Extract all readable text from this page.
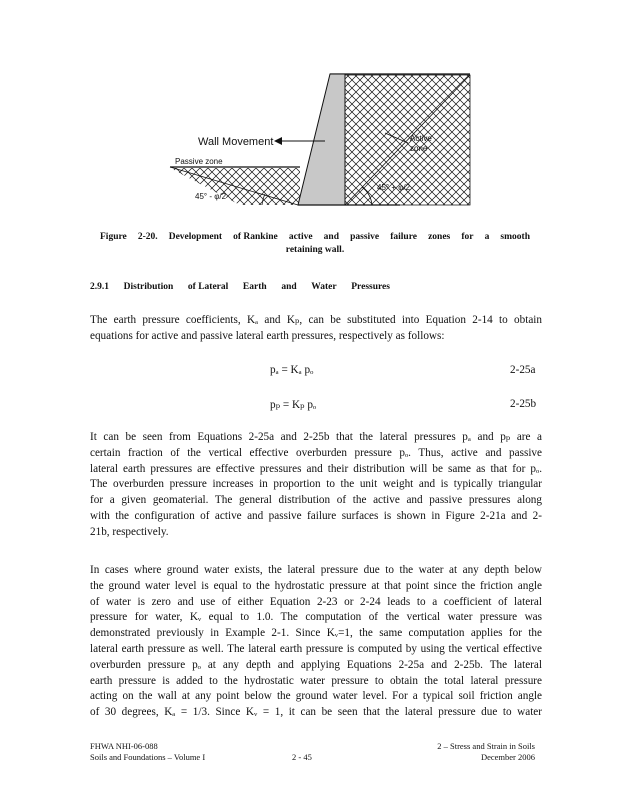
Wall Movement
Passive zone
Active
zone
45° - φ/2
45° + φ/2
Figure 2-20. Development of Rankine active and passive failure zones for a smooth
retaining wall.
2.9.1 Distribution of Lateral Earth and Water Pressures
The earth pressure coefficients, Kₐ and Kₚ, can be substituted into Equation 2-14 to obtain
equations for active and passive lateral earth pressures, respectively as follows:
pₐ = Kₐ pₒ	2-25a
pₚ = Kₚ pₒ	2-25b
It can be seen from Equations 2-25a and 2-25b that the lateral pressures pₐ and pₚ are a
certain fraction of the vertical effective overburden pressure pₒ. Thus, active and passive
lateral earth pressures are effective pressures and their distribution will be same as that for pₒ.
The overburden pressure increases in proportion to the unit weight and is typically triangular
for a given geomaterial. The general distribution of the active and passive pressures along
with the configuration of active and passive failure surfaces is shown in Figure 2-21a and 2-
21b, respectively.
In cases where ground water exists, the lateral pressure due to the water at any depth below
the ground water level is equal to the hydrostatic pressure at that point since the friction angle
of water is zero and use of either Equation 2-23 or 2-24 leads to a coefficient of lateral
pressure for water, Kᵥ equal to 1.0. The computation of the vertical water pressure was
demonstrated previously in Example 2-1. Since Kᵥ=1, the same computation applies for the
lateral earth pressure as well. The lateral earth pressure is computed by using the vertical effective
overburden pressure pₒ at any depth and applying Equations 2-25a and 2-25b. The lateral
earth pressure is added to the hydrostatic water pressure to obtain the total lateral pressure
acting on the wall at any point below the ground water level. For a typical soil friction angle
of 30 degrees, Kₐ = 1/3. Since Kᵥ = 1, it can be seen that the lateral pressure due to water
FHWA NHI-06-088
Soils and Foundations – Volume I	2 - 45
2 – Stress and Strain in Soils
December 2006
